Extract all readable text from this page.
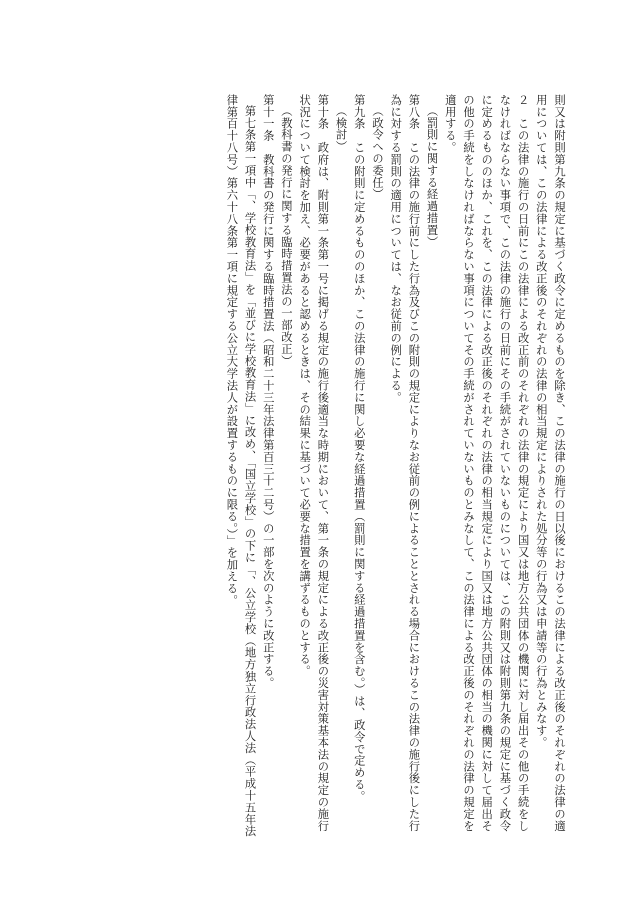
則又は附則第九条の規定に基づく政令に定めるものを除き、この法律の施行の日以後におけるこの法律による改正後のそれぞれの法律の適
用については、この法律による改正後のそれぞれの法律の相当規定によりされた処分等の行為又は申請等の行為とみなす。
２　この法律の施行の日前にこの法律による改正前のそれぞれの法律の規定により国又は地方公共団体の機関に対し届出その他の手続をし
なければならない事項で、この法律の施行の日前にその手続がされていないものについては、この附則又は附則第九条の規定に基づく政令
に定めるもののほか、これを、この法律による改正後のそれぞれの法律の相当規定により国又は地方公共団体の相当の機関に対して届出そ
の他の手続をしなければならない事項についてその手続がされていないものとみなして、この法律による改正後のそれぞれの法律の規定を
適用する。
（罰則に関する経過措置）
第八条　この法律の施行前にした行為及びこの附則の規定によりなお従前の例によることとされる場合におけるこの法律の施行後にした行
為に対する罰則の適用については、なお従前の例による。
（政令への委任）
第九条　この附則に定めるもののほか、この法律の施行に関し必要な経過措置（罰則に関する経過措置を含む。）は、政令で定める。
（検討）
第十条　政府は、附則第一条第一号に掲げる規定の施行後適当な時期において、第一条の規定による改正後の災害対策基本法の規定の施行
状況について検討を加え、必要があると認めるときは、その結果に基づいて必要な措置を講ずるものとする。
（教科書の発行に関する臨時措置法の一部改正）
第十一条　教科書の発行に関する臨時措置法（昭和二十三年法律第百三十二号）の一部を次のように改正する。
第七条第一項中「、学校教育法」を「並びに学校教育法」に改め、「国立学校」の下に「、公立学校（地方独立行政法人法（平成十五年法
律第百十八号）第六十八条第一項に規定する公立大学法人が設置するものに限る。）」を加える。
